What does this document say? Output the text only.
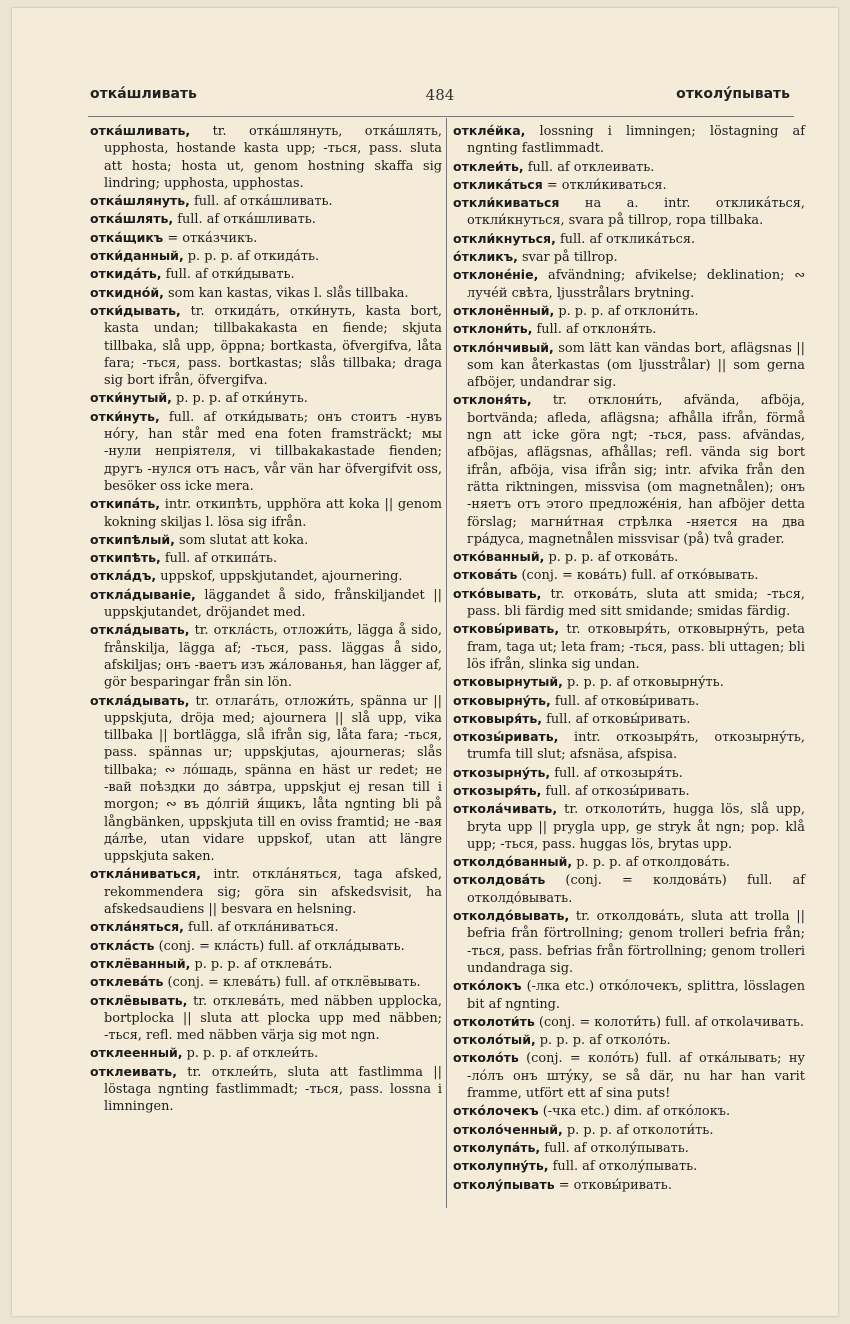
откáшливать	484	отколу́пывать
откáшливать, tr. откáшлянуть, откáшлять, upphosta, hostande kasta upp; -ться, pass. sluta att hosta; hosta ut, genom hostning skaffa sig lindring; upphosta, upphostas.
откáшлянуть, full. af откáшливать.
откáшлять, full. af откáшливать.
откáщикъ = откáзчикъ.
отки́данный, p. p. p. af откидáть.
откидáть, full. af отки́дывать.
откиднóй, som kan kastas, vikas l. slås tillbaka.
отки́дывать, tr. откидáть, отки́нуть, kasta bort, kasta undan; tillbakakasta en fiende; skjuta tillbaka, slå upp, öppna; bortkasta, öfvergifva, låta fara; -ться, pass. bortkastas; slås tillbaka; draga sig bort ifrån, öfvergifva.
отки́нутый, p. p. p. af отки́нуть.
отки́нуть, full. af отки́дывать; онъ стоитъ -нувъ нóгу, han står med ena foten framsträckt; мы -нули непрiятеля, vi tillbakakastade fienden; другъ -нулся отъ насъ, vår vän har öfvergifvit oss, besöker oss icke mera.
откипáть, intr. откипѣть, upphöra att koka || genom kokning skiljas l. lösa sig ifrån.
откипѣлый, som slutat att koka.
откипѣть, full. af откипáть.
отклáдъ, uppskof, uppskjutandet, ajournering.
отклáдыванiе, läggandet å sido, frånskiljandet || uppskjutandet, dröjandet med.
отклáдывать, tr. отклáсть, отложи́ть, lägga å sido, frånskilja, lägga af; -ться, pass. läggas å sido, afskiljas; онъ -ваетъ изъ жáлованья, han lägger af, gör besparingar från sin lön.
отклáдывать, tr. отлагáть, отложи́ть, spänna ur || uppskjuta, dröja med; ajournera || slå upp, vika tillbaka || bortlägga, slå ifrån sig, låta fara; -ться, pass. spännas ur; uppskjutas, ajourneras; slås tillbaka; ∾ лóшадь, spänna en häst ur redet; не -вай поѣздки до зáвтра, uppskjut ej resan till i morgon; ∾ въ дóлгiй я́щикъ, låta ngnting bli på långbänken, uppskjuta till en oviss framtid; не -вая дáлѣе, utan vidare uppskof, utan att längre uppskjuta saken.
отклáниваться, intr. отклáняться, taga afsked, rekommendera sig; göra sin afskedsvisit, ha afskedsaudiens || besvara en helsning.
отклáняться, full. af отклáниваться.
отклáсть (conj. = клáсть) full. af отклáдывать.
отклёванный, p. p. p. af отклевáть.
отклевáть (conj. = клевáть) full. af отклёвывать.
отклёвывать, tr. отклевáть, med näbben upplocka, bortplocka || sluta att plocka upp med näbben; -ться, refl. med näbben värja sig mot ngn.
отклеенный, p. p. p. af отклеи́ть.
отклеивать, tr. отклеи́ть, sluta att fastlimma || löstaga ngnting fastlimmadt; -ться, pass. lossna i limningen.
отклéйка, lossning i limningen; löstagning af ngnting fastlimmadt.
отклеи́ть, full. af отклеивать.
откликáться = откли́киваться.
откли́киваться на a. intr. откликáться, откли́кнуться, svara på tillrop, ropa tillbaka.
откли́кнуться, full. af откликáться.
óткликъ, svar på tillrop.
отклонéнiе, afvändning; afvikelse; deklination; ∾ лучéй свѣта, ljusstrålars brytning.
отклонённый, p. p. p. af отклони́ть.
отклони́ть, full. af отклоня́ть.
отклóнчивый, som lätt kan vändas bort, aflägsnas || som kan återkastas (om ljusstrålar) || som gerna afböjer, undandrar sig.
отклоня́ть, tr. отклони́ть, afvända, afböja, bortvända; afleda, aflägsna; afhålla ifrån, förmå ngn att icke göra ngt; -ться, pass. afvändas, afböjas, aflägsnas, afhållas; refl. vända sig bort ifrån, afböja, visa ifrån sig; intr. afvika från den rätta riktningen, missvisa (om magnetnålen); онъ -няетъ отъ этого предложéнiя, han afböjer detta förslag; магни́тная стрѣлка -няется на два грáдуса, magnetnålen missvisar (på) två grader.
откóванный, p. p. p. af отковáть.
отковáть (conj. = ковáть) full. af откóвывать.
откóвывать, tr. отковáть, sluta att smida; -ться, pass. bli färdig med sitt smidande; smidas färdig.
отковы́ривать, tr. отковыря́ть, отковырну́ть, peta fram, taga ut; leta fram; -ться, pass. bli uttagen; bli lös ifrån, slinka sig undan.
отковырнутый, p. p. p. af отковырну́ть.
отковырну́ть, full. af отковы́ривать.
отковыря́ть, full. af отковы́ривать.
откозы́ривать, intr. откозыря́ть, откозырну́ть, trumfa till slut; afsnäsa, afspisa.
откозырну́ть, full. af откозыря́ть.
откозыря́ть, full. af откозы́ривать.
отколáчивать, tr. отколоти́ть, hugga lös, slå upp, bryta upp || prygla upp, ge stryk åt ngn; pop. klå upp; -ться, pass. huggas lös, brytas upp.
отколдóванный, p. p. p. af отколдовáть.
отколдовáть (conj. = колдовáть) full. af отколдóвывать.
отколдóвывать, tr. отколдовáть, sluta att trolla || befria från förtrollning; genom trolleri befria från; -ться, pass. befrias från förtrollning; genom trolleri undandraga sig.
откóлокъ (-лка etc.) откóлочекъ, splittra, lösslagen bit af ngnting.
отколоти́ть (conj. = колоти́ть) full. af откоlачивать.
отколóтый, p. p. p. af отколóть.
отколóть (conj. = колóть) full. af откáлывать; ну -лóлъ онъ штýку, se så där, nu har han varit framme, utfört ett af sina puts!
откóлочекъ (-чка etc.) dim. af откóлокъ.
отколóченный, p. p. p. af отколоти́ть.
отколупáть, full. af отколу́пывать.
отколупну́ть, full. af отколу́пывать.
отколу́пывать = отковы́ривать.
